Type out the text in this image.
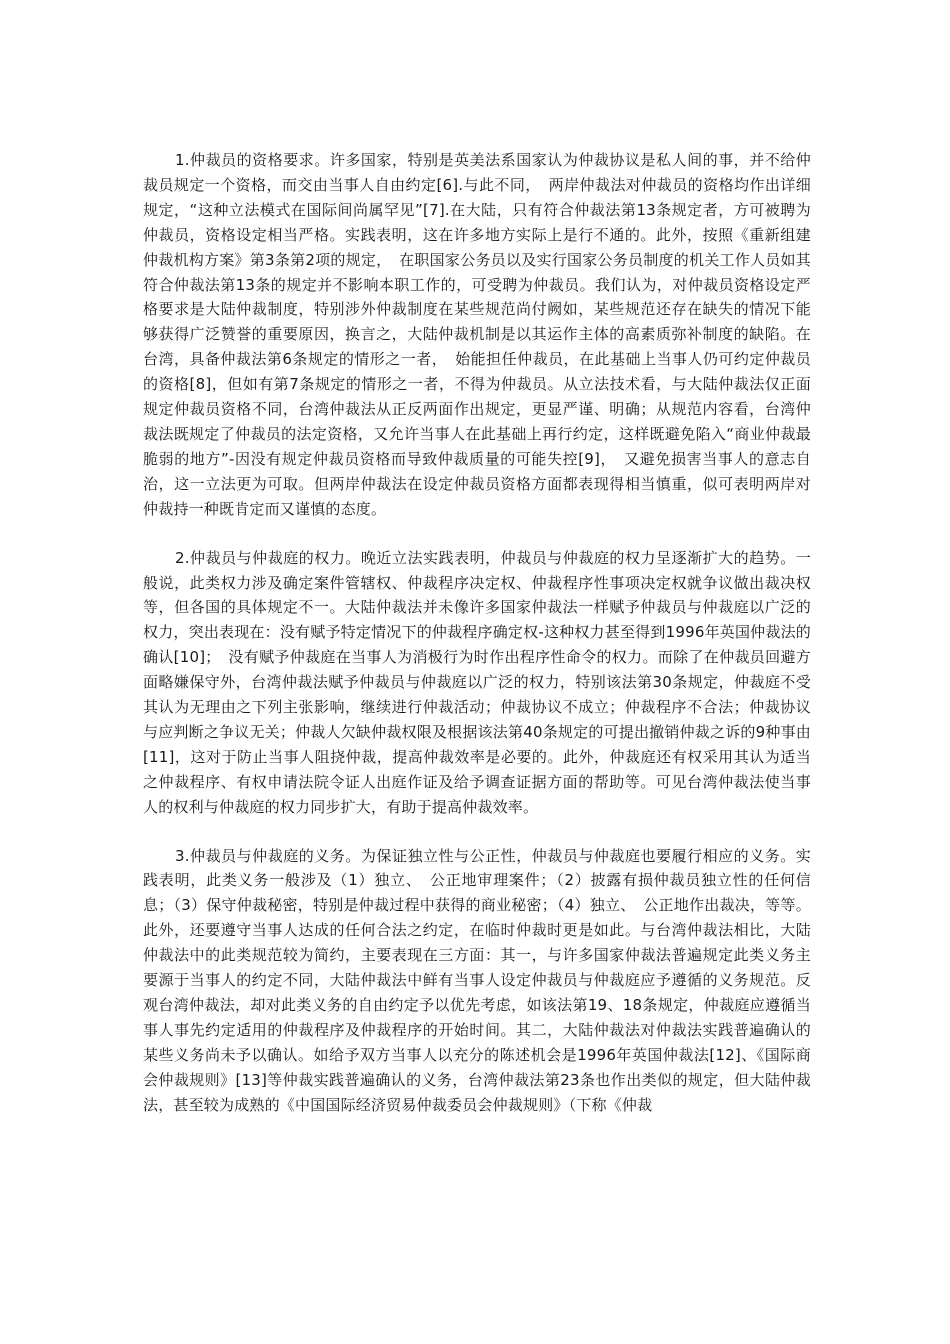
1.仲裁员的资格要求。许多国家，特别是英美法系国家认为仲裁协议是私人间的事，并不给仲裁员规定一个资格，而交由当事人自由约定[6].与此不同，　两岸仲裁法对仲裁员的资格均作出详细规定，“这种立法模式在国际间尚属罕见”[7].在大陆，只有符合仲裁法第13条规定者，方可被聘为仲裁员，资格设定相当严格。实践表明，这在许多地方实际上是行不通的。此外，按照《重新组建仲裁机构方案》第3条第2项的规定，　在职国家公务员以及实行国家公务员制度的机关工作人员如其符合仲裁法第13条的规定并不影响本职工作的，可受聘为仲裁员。我们认为，对仲裁员资格设定严格要求是大陆仲裁制度，特别涉外仲裁制度在某些规范尚付阙如，某些规范还存在缺失的情况下能够获得广泛赞誉的重要原因，换言之，大陆仲裁机制是以其运作主体的高素质弥补制度的缺陷。在台湾，具备仲裁法第6条规定的情形之一者，　始能担任仲裁员，在此基础上当事人仍可约定仲裁员的资格[8]，但如有第7条规定的情形之一者，不得为仲裁员。从立法技术看，与大陆仲裁法仅正面规定仲裁员资格不同，台湾仲裁法从正反两面作出规定，更显严谨、明确；从规范内容看，台湾仲裁法既规定了仲裁员的法定资格，又允许当事人在此基础上再行约定，这样既避免陷入“商业仲裁最脆弱的地方”-因没有规定仲裁员资格而导致仲裁质量的可能失控[9]，　又避免损害当事人的意志自治，这一立法更为可取。但两岸仲裁法在设定仲裁员资格方面都表现得相当慎重，似可表明两岸对仲裁持一种既肯定而又谨慎的态度。

2.仲裁员与仲裁庭的权力。晚近立法实践表明，仲裁员与仲裁庭的权力呈逐渐扩大的趋势。一般说，此类权力涉及确定案件管辖权、仲裁程序决定权、仲裁程序性事项决定权就争议做出裁决权等，但各国的具体规定不一。大陆仲裁法并未像许多国家仲裁法一样赋予仲裁员与仲裁庭以广泛的权力，突出表现在：没有赋予特定情况下的仲裁程序确定权-这种权力甚至得到1996年英国仲裁法的确认[10]；　没有赋予仲裁庭在当事人为消极行为时作出程序性命令的权力。而除了在仲裁员回避方面略嫌保守外，台湾仲裁法赋予仲裁员与仲裁庭以广泛的权力，特别该法第30条规定，仲裁庭不受其认为无理由之下列主张影响，继续进行仲裁活动；仲裁协议不成立；仲裁程序不合法；仲裁协议与应判断之争议无关；仲裁人欠缺仲裁权限及根据该法第40条规定的可提出撤销仲裁之诉的9种事由[11]，这对于防止当事人阻挠仲裁，提高仲裁效率是必要的。此外，仲裁庭还有权采用其认为适当之仲裁程序、有权申请法院令证人出庭作证及给予调查证据方面的帮助等。可见台湾仲裁法使当事人的权利与仲裁庭的权力同步扩大，有助于提高仲裁效率。

3.仲裁员与仲裁庭的义务。为保证独立性与公正性，仲裁员与仲裁庭也要履行相应的义务。实践表明，此类义务一般涉及（1）独立、　公正地审理案件；（2）披露有损仲裁员独立性的任何信息；（3）保守仲裁秘密，特别是仲裁过程中获得的商业秘密；（4）独立、　公正地作出裁决，等等。此外，还要遵守当事人达成的任何合法之约定，在临时仲裁时更是如此。与台湾仲裁法相比，大陆仲裁法中的此类规范较为简约，主要表现在三方面：其一，与许多国家仲裁法普遍规定此类义务主要源于当事人的约定不同，大陆仲裁法中鲜有当事人设定仲裁员与仲裁庭应予遵循的义务规范。反观台湾仲裁法，却对此类义务的自由约定予以优先考虑，如该法第19、18条规定，仲裁庭应遵循当事人事先约定适用的仲裁程序及仲裁程序的开始时间。其二，大陆仲裁法对仲裁法实践普遍确认的某些义务尚未予以确认。如给予双方当事人以充分的陈述机会是1996年英国仲裁法[12]、《国际商会仲裁规则》[13]等仲裁实践普遍确认的义务，台湾仲裁法第23条也作出类似的规定，但大陆仲裁法，甚至较为成熟的《中国国际经济贸易仲裁委员会仲裁规则》（下称《仲裁
